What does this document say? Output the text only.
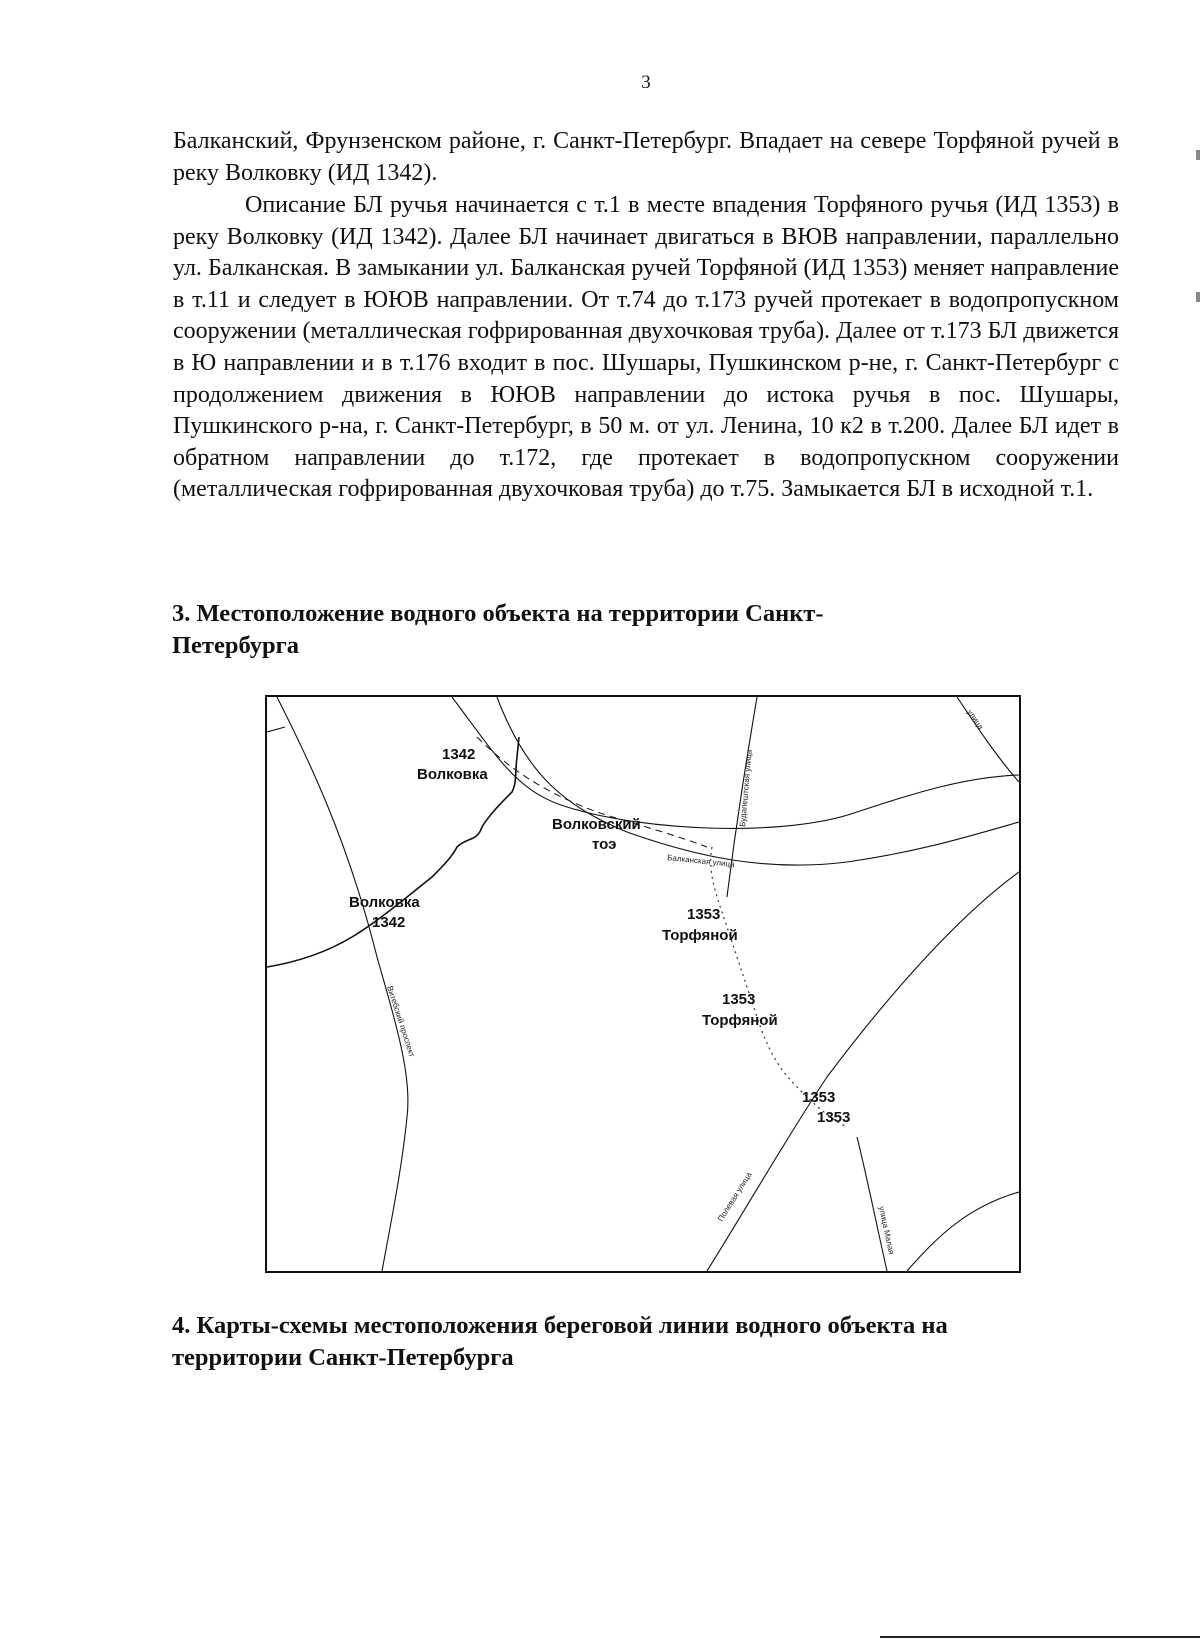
3

Балканский, Фрунзенском районе, г. Санкт-Петербург. Впадает на севере Торфяной ручей в реку Волковку (ИД 1342).

Описание БЛ ручья начинается с т.1 в месте впадения Торфяного ручья (ИД 1353) в реку Волковку (ИД 1342). Далее БЛ начинает двигаться в ВЮВ направлении, параллельно ул. Балканская. В замыкании ул. Балканская ручей Торфяной (ИД 1353) меняет направление в т.11 и следует в ЮЮВ направлении. От т.74 до т.173 ручей протекает в водопропускном сооружении (металлическая гофрированная двухочковая труба). Далее от т.173 БЛ движется в Ю направлении и в т.176 входит в пос. Шушары, Пушкинском р-не, г. Санкт-Петербург с продолжением движения в ЮЮВ направлении до истока ручья в пос. Шушары, Пушкинского р-на, г. Санкт-Петербург, в 50 м. от ул. Ленина, 10 к2 в т.200. Далее БЛ идет в обратном направлении до т.172, где протекает в водопропускном сооружении (металлическая гофрированная двухочковая труба) до т.75. Замыкается БЛ в исходной т.1.

3. Местоположение водного объекта на территории Санкт-Петербурга
1342
Волковка
Волковский
тоэ
Волковка
1342	1353
Торфяной
1353
Торфяной
1353
1353
Балканская улица
Будапештская улица
Витебский проспект
Полевая улица
улица Малая
улица
4. Карты-схемы местоположения береговой линии водного объекта на территории Санкт-Петербурга
